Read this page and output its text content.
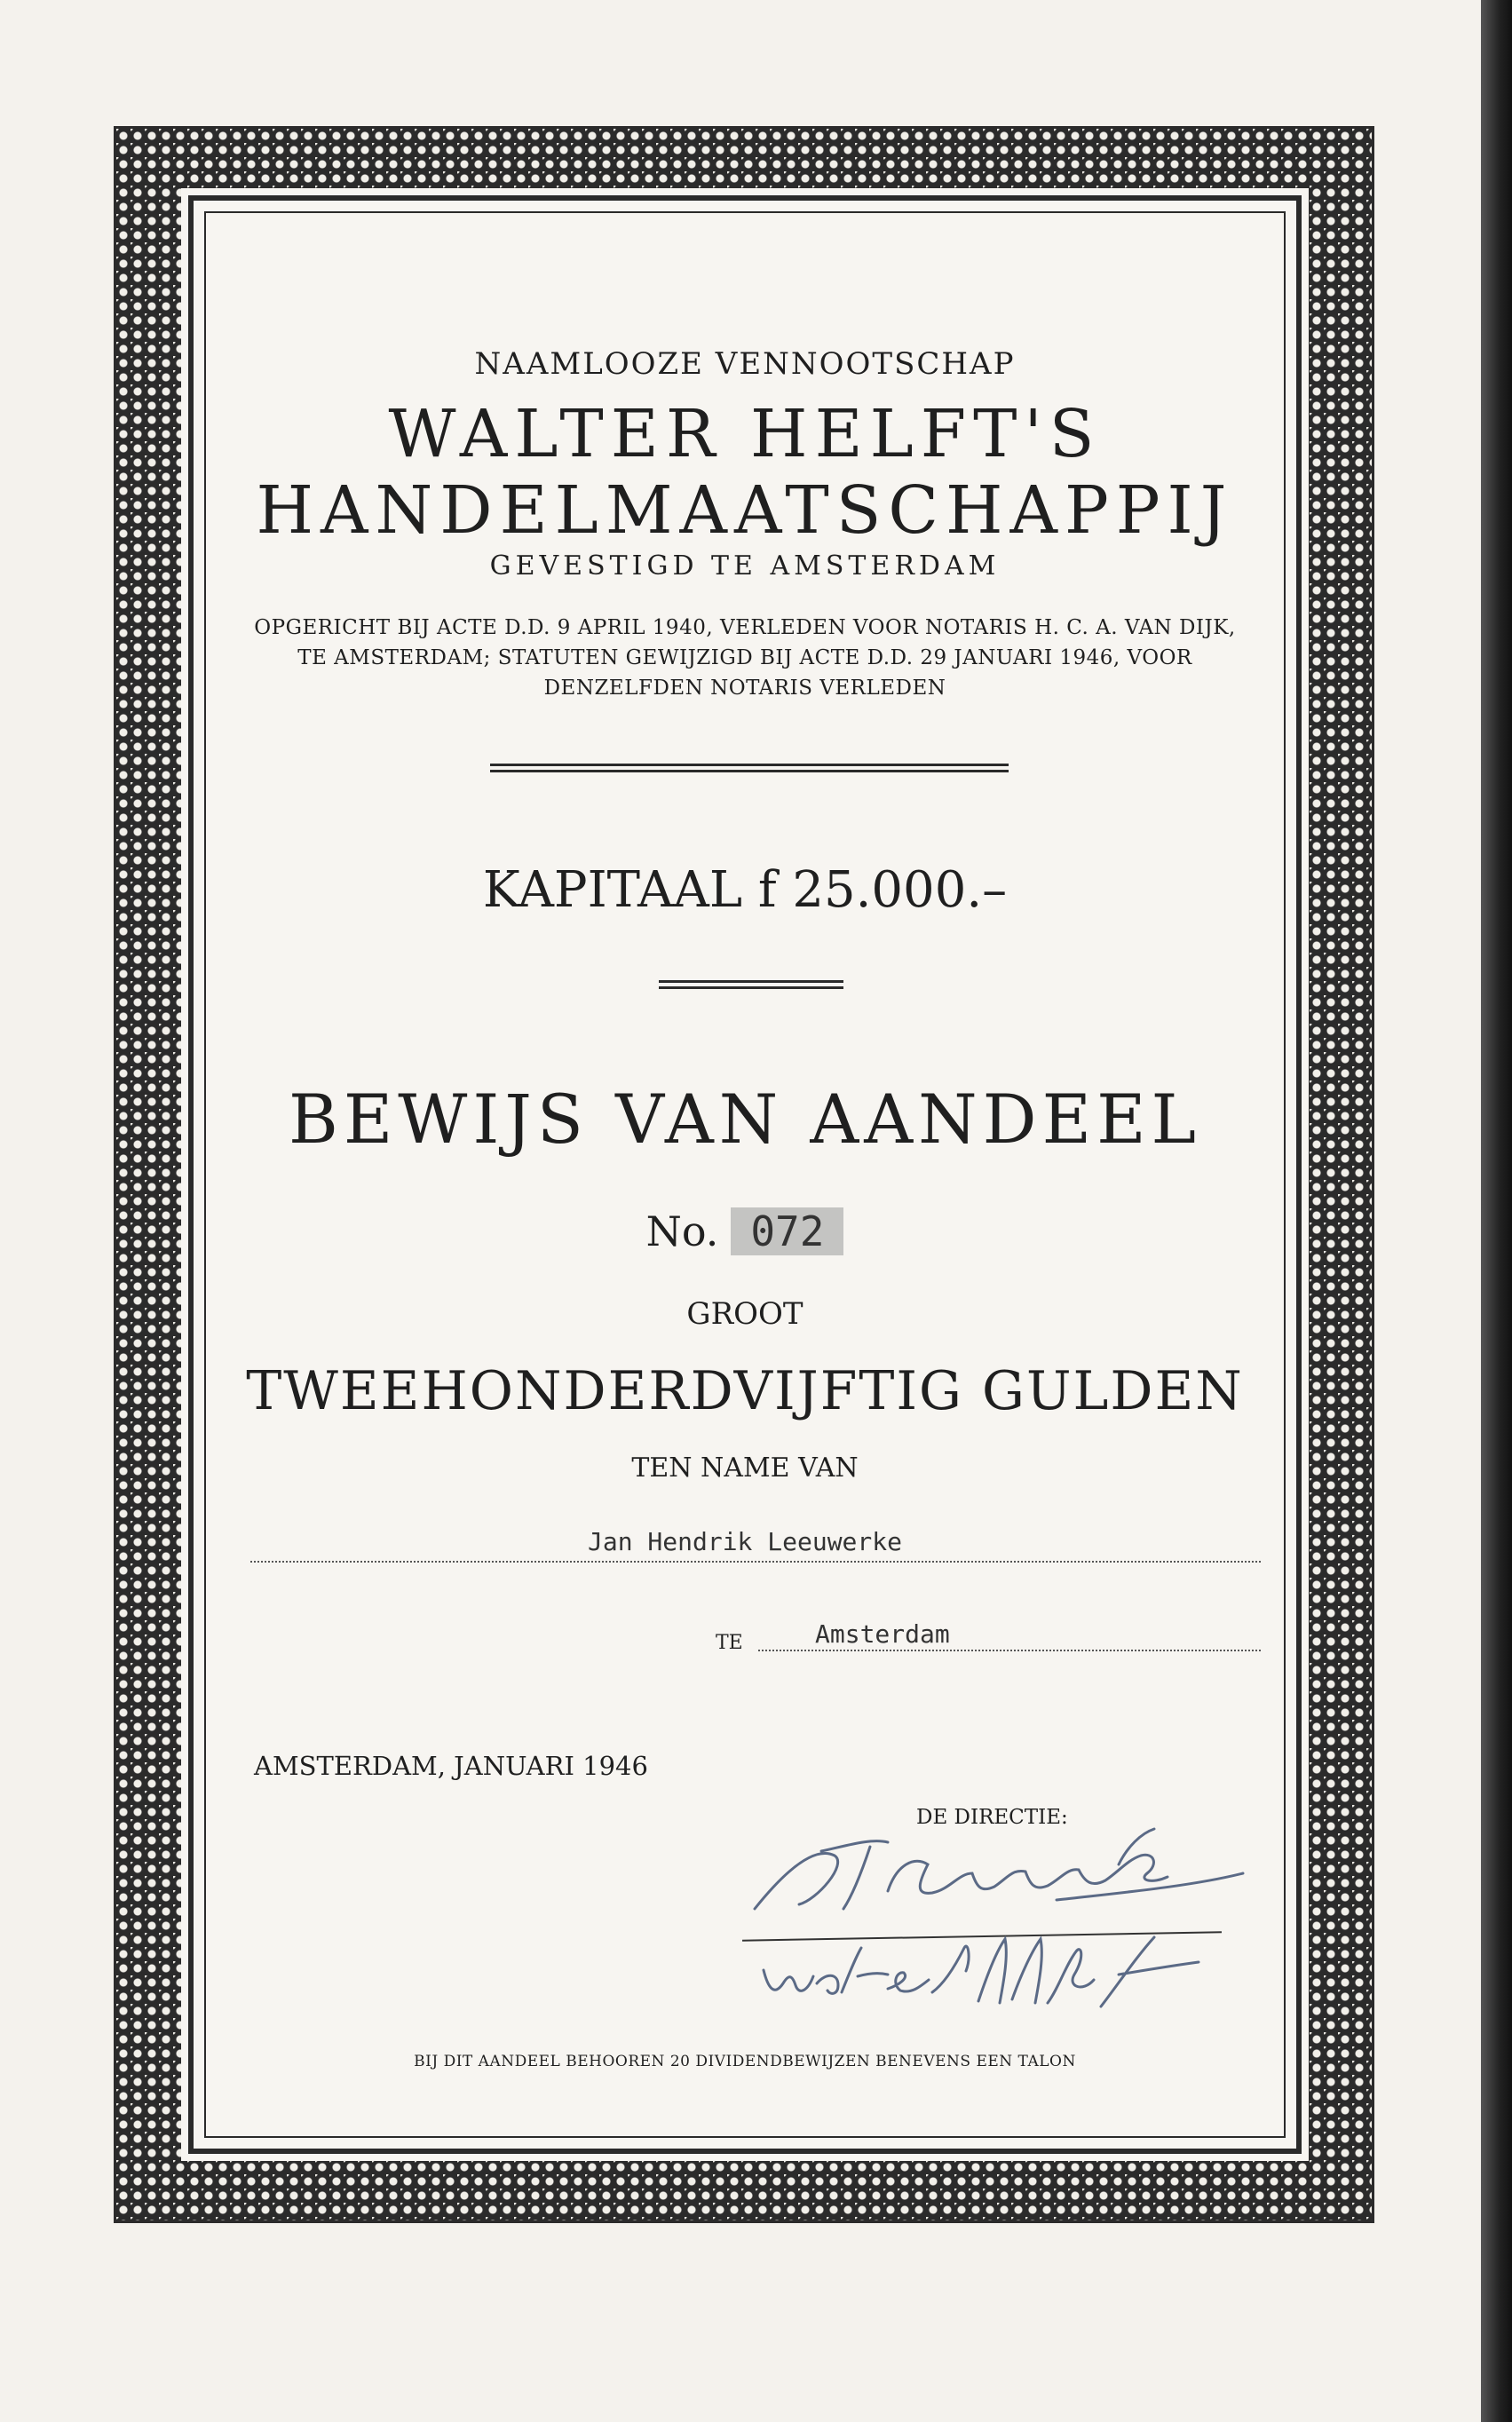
NAAMLOOZE VENNOOTSCHAP
WALTER HELFT'S
HANDELMAATSCHAPPIJ
GEVESTIGD TE AMSTERDAM
OPGERICHT BIJ ACTE D.D. 9 APRIL 1940, VERLEDEN VOOR NOTARIS H. C. A. VAN DIJK, TE AMSTERDAM; STATUTEN GEWIJZIGD BIJ ACTE D.D. 29 JANUARI 1946, VOOR DENZELFDEN NOTARIS VERLEDEN
KAPITAAL f 25.000.–
BEWIJS VAN AANDEEL
No. 072
GROOT
TWEEHONDERDVIJFTIG GULDEN
TEN NAME VAN
Jan Hendrik Leeuwerke
TE	Amsterdam
AMSTERDAM, JANUARI 1946
DE DIRECTIE:
BIJ DIT AANDEEL BEHOOREN 20 DIVIDENDBEWIJZEN BENEVENS EEN TALON
